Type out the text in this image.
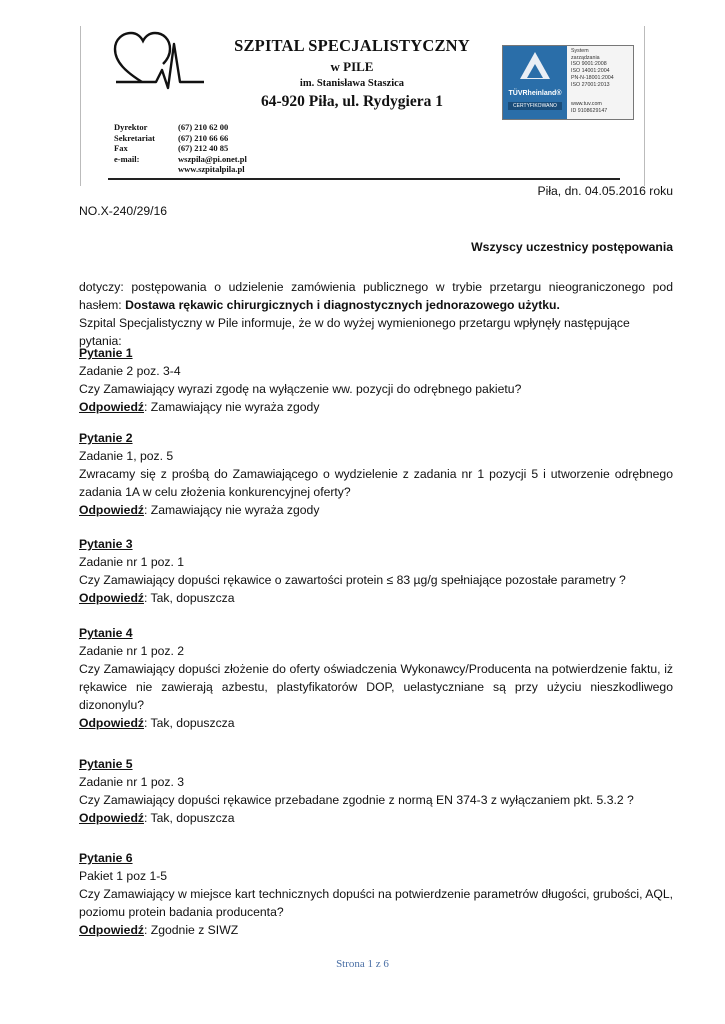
SZPITAL SPECJALISTYCZNY
w PILE
im. Stanisława Staszica
64-920 Piła, ul. Rydygiera 1
Dyrektor	(67) 210 62 00
Sekretariat	(67) 210 66 66
Fax	(67) 212 40 85
e-mail:	wszpila@pi.onet.pl
www.szpitalpila.pl
TÜVRheinland®
CERTYFIKOWANO
System
zarządzania
ISO 9001:2008
ISO 14001:2004
PN-N-18001:2004
ISO 27001:2013
www.tuv.com
ID 9108629147
Piła, dn. 04.05.2016 roku
NO.X-240/29/16
Wszyscy uczestnicy postępowania
dotyczy: postępowania o udzielenie zamówienia publicznego w trybie przetargu nieograniczonego pod hasłem: Dostawa rękawic chirurgicznych i diagnostycznych jednorazowego użytku.
Szpital Specjalistyczny w Pile informuje, że w do wyżej wymienionego przetargu wpłynęły następujące pytania:
Pytanie 1
Zadanie 2 poz. 3-4
Czy Zamawiający wyrazi zgodę na wyłączenie ww. pozycji do odrębnego pakietu?
Odpowiedź: Zamawiający nie wyraża zgody
Pytanie 2
Zadanie 1, poz. 5
Zwracamy się z prośbą do Zamawiającego o wydzielenie z zadania nr 1 pozycji 5 i utworzenie odrębnego zadania 1A w celu złożenia konkurencyjnej oferty?
Odpowiedź: Zamawiający nie wyraża zgody
Pytanie 3
Zadanie nr 1 poz. 1
Czy Zamawiający dopuści rękawice o zawartości protein ≤ 83 µg/g spełniające pozostałe parametry ?
Odpowiedź: Tak, dopuszcza
Pytanie 4
Zadanie nr 1 poz. 2
Czy Zamawiający dopuści złożenie do oferty oświadczenia Wykonawcy/Producenta na potwierdzenie faktu, iż rękawice nie zawierają azbestu, plastyfikatorów DOP, uelastyczniane są przy użyciu nieszkodliwego dizononylu?
Odpowiedź: Tak, dopuszcza
Pytanie 5
Zadanie nr 1 poz. 3
Czy Zamawiający dopuści rękawice przebadane zgodnie z normą EN 374-3 z wyłączaniem pkt. 5.3.2 ?
Odpowiedź: Tak, dopuszcza
Pytanie 6
Pakiet 1 poz 1-5
Czy Zamawiający w miejsce kart technicznych dopuści na potwierdzenie parametrów długości, grubości, AQL, poziomu protein badania producenta?
Odpowiedź: Zgodnie z SIWZ
Strona 1 z 6
